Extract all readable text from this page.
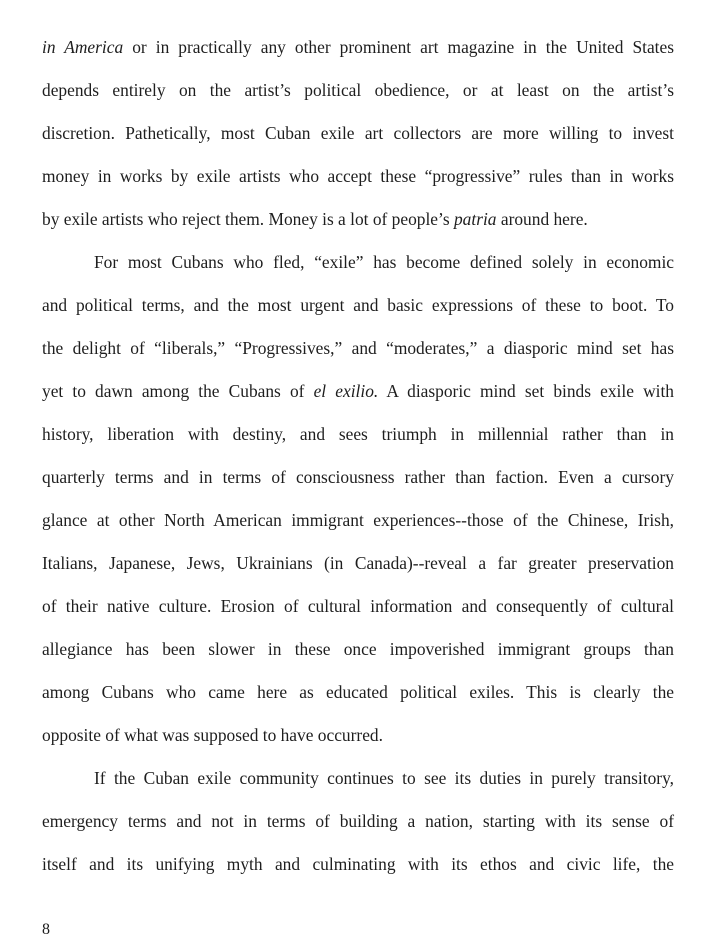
in America or in practically any other prominent art magazine in the United States
depends entirely on the artist’s political obedience, or at least on the artist’s
discretion. Pathetically, most Cuban exile art collectors are more willing to invest
money in works by exile artists who accept these “progressive” rules than in works
by exile artists who reject them. Money is a lot of people’s patria around here.
For most Cubans who fled, “exile” has become defined solely in economic
and political terms, and the most urgent and basic expressions of these to boot. To
the delight of “liberals,” “Progressives,” and “moderates,” a diasporic mind set has
yet to dawn among the Cubans of el exilio. A diasporic mind set binds exile with
history, liberation with destiny, and sees triumph in millennial rather than in
quarterly terms and in terms of consciousness rather than faction. Even a cursory
glance at other North American immigrant experiences--those of the Chinese, Irish,
Italians, Japanese, Jews, Ukrainians (in Canada)--reveal a far greater preservation
of their native culture. Erosion of cultural information and consequently of cultural
allegiance has been slower in these once impoverished immigrant groups than
among Cubans who came here as educated political exiles. This is clearly the
opposite of what was supposed to have occurred.
If the Cuban exile community continues to see its duties in purely transitory,
emergency terms and not in terms of building a nation, starting with its sense of
itself and its unifying myth and culminating with its ethos and civic life, the
8
